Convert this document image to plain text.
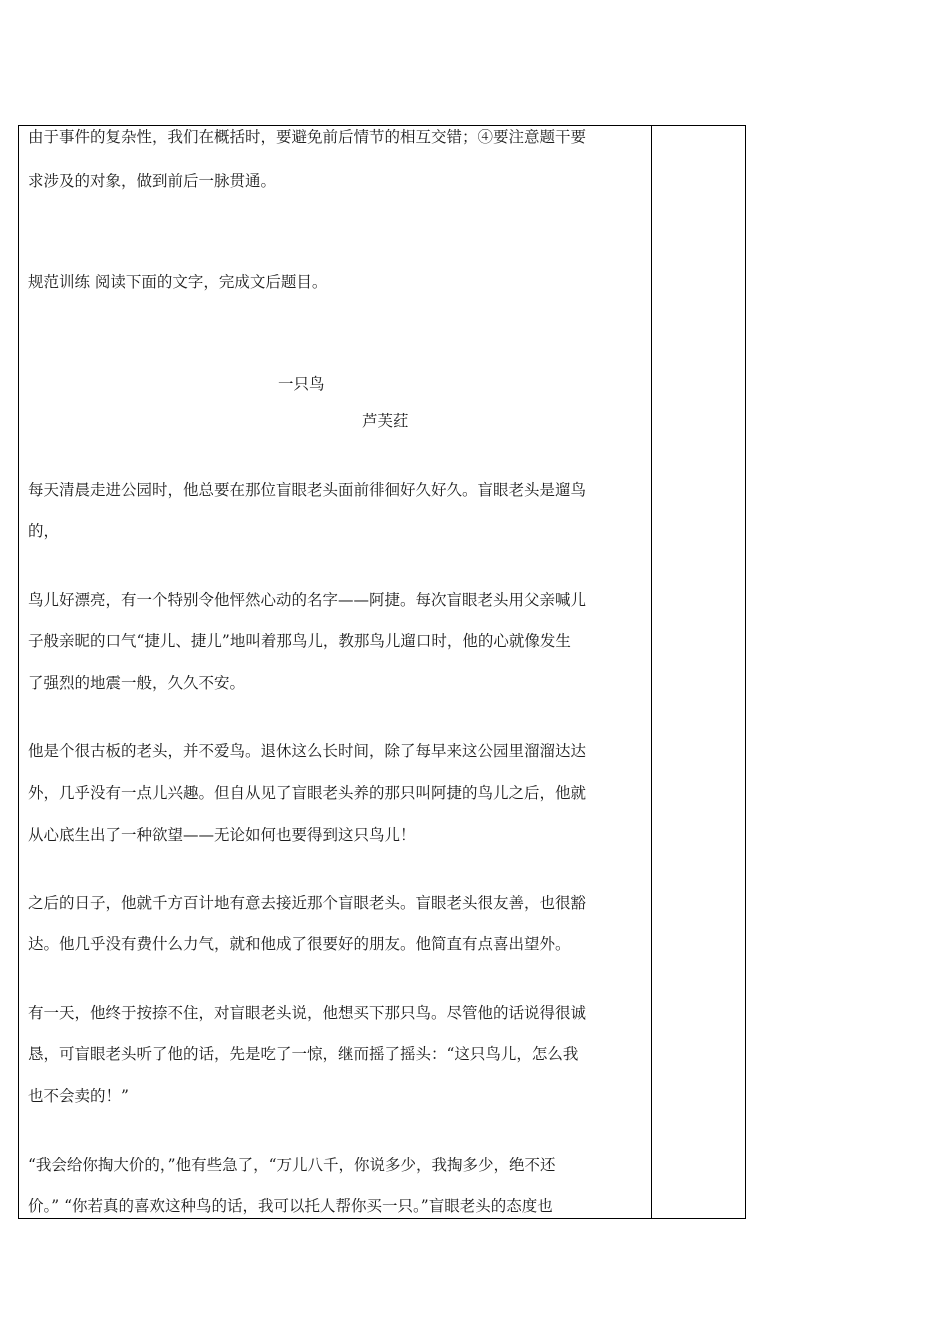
由于事件的复杂性，我们在概括时，要避免前后情节的相互交错；④要注意题干要
求涉及的对象，做到前后一脉贯通。
规范训练 阅读下面的文字，完成文后题目。
一只鸟
芦芙荭
每天清晨走进公园时，他总要在那位盲眼老头面前徘徊好久好久。盲眼老头是遛鸟
的，
鸟儿好漂亮，有一个特别令他怦然心动的名字——阿捷。每次盲眼老头用父亲喊儿
子般亲昵的口气“捷儿、捷儿”地叫着那鸟儿，教那鸟儿遛口时，他的心就像发生
了强烈的地震一般，久久不安。
他是个很古板的老头，并不爱鸟。退休这么长时间，除了每早来这公园里溜溜达达
外，几乎没有一点儿兴趣。但自从见了盲眼老头养的那只叫阿捷的鸟儿之后，他就
从心底生出了一种欲望——无论如何也要得到这只鸟儿！
之后的日子，他就千方百计地有意去接近那个盲眼老头。盲眼老头很友善，也很豁
达。他几乎没有费什么力气，就和他成了很要好的朋友。他简直有点喜出望外。
有一天，他终于按捺不住，对盲眼老头说，他想买下那只鸟。尽管他的话说得很诚
恳，可盲眼老头听了他的话，先是吃了一惊，继而摇了摇头：“这只鸟儿，怎么我
也不会卖的！”
“我会给你掏大价的，”他有些急了，“万儿八千，你说多少，我掏多少，绝不还
价。” “你若真的喜欢这种鸟的话，我可以托人帮你买一只。”盲眼老头的态度也
